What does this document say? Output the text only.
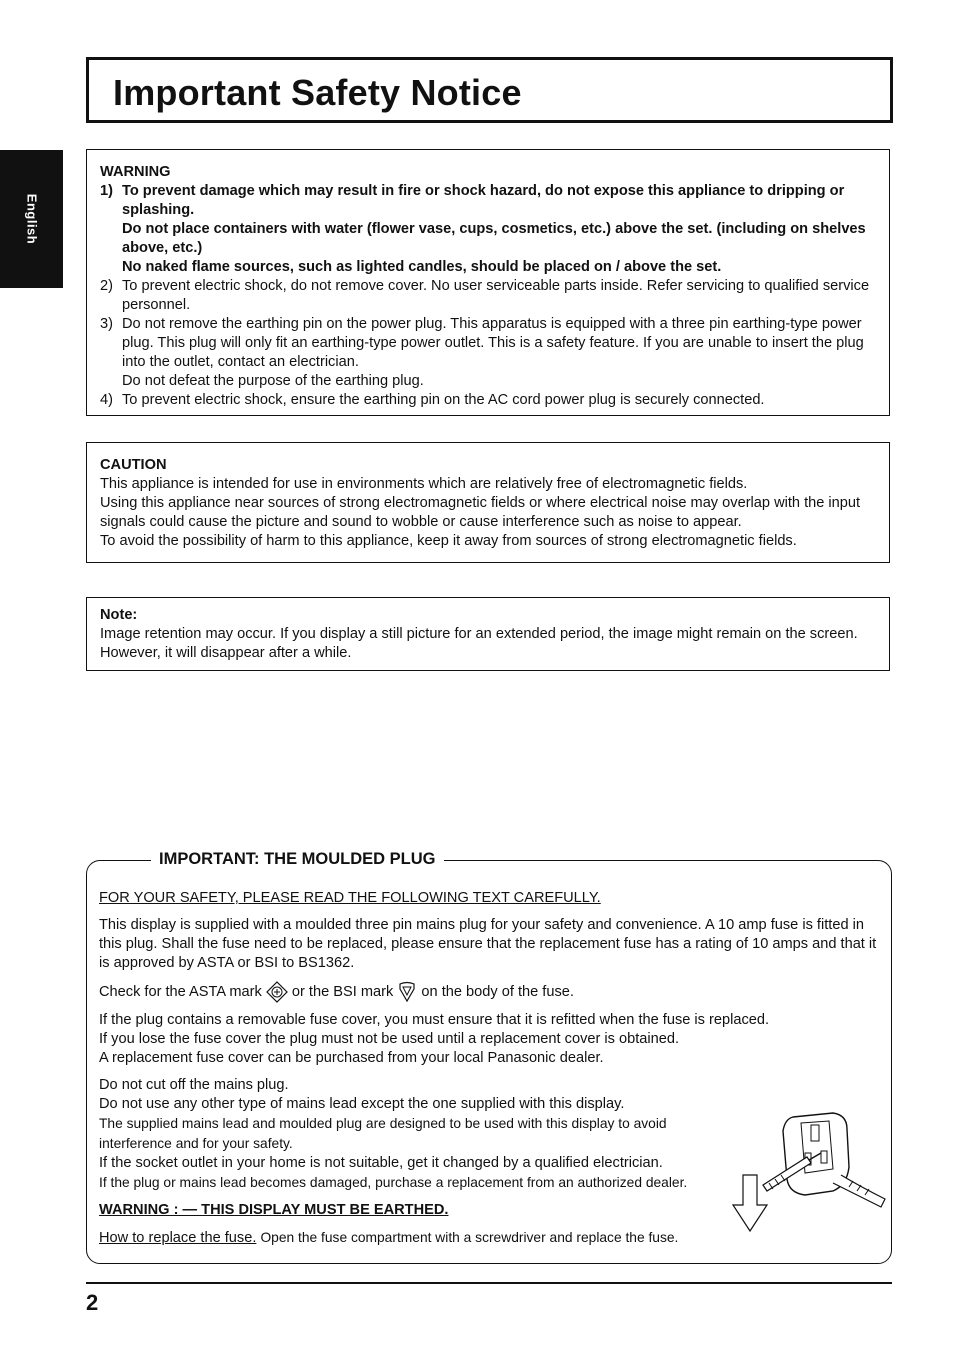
Important Safety Notice
English
WARNING
1) To prevent damage which may result in fire or shock hazard, do not expose this appliance to dripping or splashing.
Do not place containers with water (flower vase, cups, cosmetics, etc.) above the set. (including on shelves above, etc.)
No naked flame sources, such as lighted candles, should be placed on / above the set.
2) To prevent electric shock, do not remove cover. No user serviceable parts inside. Refer servicing to qualified service personnel.
3) Do not remove the earthing pin on the power plug. This apparatus is equipped with a three pin earthing-type power plug. This plug will only fit an earthing-type power outlet. This is a safety feature. If you are unable to insert the plug into the outlet, contact an electrician.
Do not defeat the purpose of the earthing plug.
4) To prevent electric shock, ensure the earthing pin on the AC cord power plug is securely connected.
CAUTION
This appliance is intended for use in environments which are relatively free of electromagnetic fields.
Using this appliance near sources of strong electromagnetic fields or where electrical noise may overlap with the input signals could cause the picture and sound to wobble or cause interference such as noise to appear.
To avoid the possibility of harm to this appliance, keep it away from sources of strong electromagnetic fields.
Note:
Image retention may occur. If you display a still picture for an extended period, the image might remain on the screen. However, it will disappear after a while.
IMPORTANT: THE MOULDED PLUG

FOR YOUR SAFETY, PLEASE READ THE FOLLOWING TEXT CAREFULLY.

This display is supplied with a moulded three pin mains plug for your safety and convenience. A 10 amp fuse is fitted in this plug. Shall the fuse need to be replaced, please ensure that the replacement fuse has a rating of 10 amps and that it is approved by ASTA or BSI to BS1362.

Check for the ASTA mark or the BSI mark on the body of the fuse.

If the plug contains a removable fuse cover, you must ensure that it is refitted when the fuse is replaced.
If you lose the fuse cover the plug must not be used until a replacement cover is obtained.
A replacement fuse cover can be purchased from your local Panasonic dealer.

Do not cut off the mains plug.
Do not use any other type of mains lead except the one supplied with this display.
The supplied mains lead and moulded plug are designed to be used with this display to avoid interference and for your safety.
If the socket outlet in your home is not suitable, get it changed by a qualified electrician.
If the plug or mains lead becomes damaged, purchase a replacement from an authorized dealer.

WARNING : — THIS DISPLAY MUST BE EARTHED.

How to replace the fuse. Open the fuse compartment with a screwdriver and replace the fuse.

2
